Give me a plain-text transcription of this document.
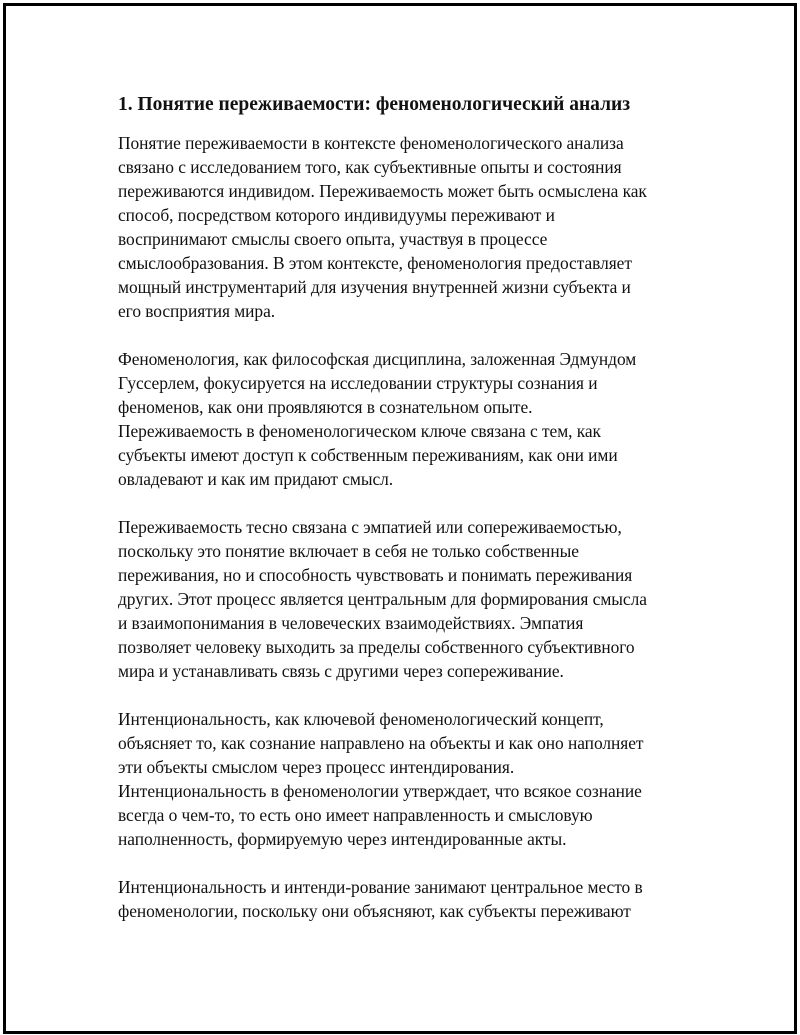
1. Понятие переживаемости: феноменологический анализ

Понятие переживаемости в контексте феноменологического анализа
связано с исследованием того, как субъективные опыты и состояния
переживаются индивидом. Переживаемость может быть осмыслена как
способ, посредством которого индивидуумы переживают и
воспринимают смыслы своего опыта, участвуя в процессе
смыслообразования. В этом контексте, феноменология предоставляет
мощный инструментарий для изучения внутренней жизни субъекта и
его восприятия мира.

Феноменология, как философская дисциплина, заложенная Эдмундом
Гуссерлем, фокусируется на исследовании структуры сознания и
феноменов, как они проявляются в сознательном опыте.
Переживаемость в феноменологическом ключе связана с тем, как
субъекты имеют доступ к собственным переживаниям, как они ими
овладевают и как им придают смысл.

Переживаемость тесно связана с эмпатией или сопереживаемостью,
поскольку это понятие включает в себя не только собственные
переживания, но и способность чувствовать и понимать переживания
других. Этот процесс является центральным для формирования смысла
и взаимопонимания в человеческих взаимодействиях. Эмпатия
позволяет человеку выходить за пределы собственного субъективного
мира и устанавливать связь с другими через сопереживание.

Интенциональность, как ключевой феноменологический концепт,
объясняет то, как сознание направлено на объекты и как оно наполняет
эти объекты смыслом через процесс интендирования.
Интенциональность в феноменологии утверждает, что всякое сознание
всегда о чем-то, то есть оно имеет направленность и смысловую
наполненность, формируемую через интендированные акты.

Интенциональность и интенди-рование занимают центральное место в
феноменологии, поскольку они объясняют, как субъекты переживают
